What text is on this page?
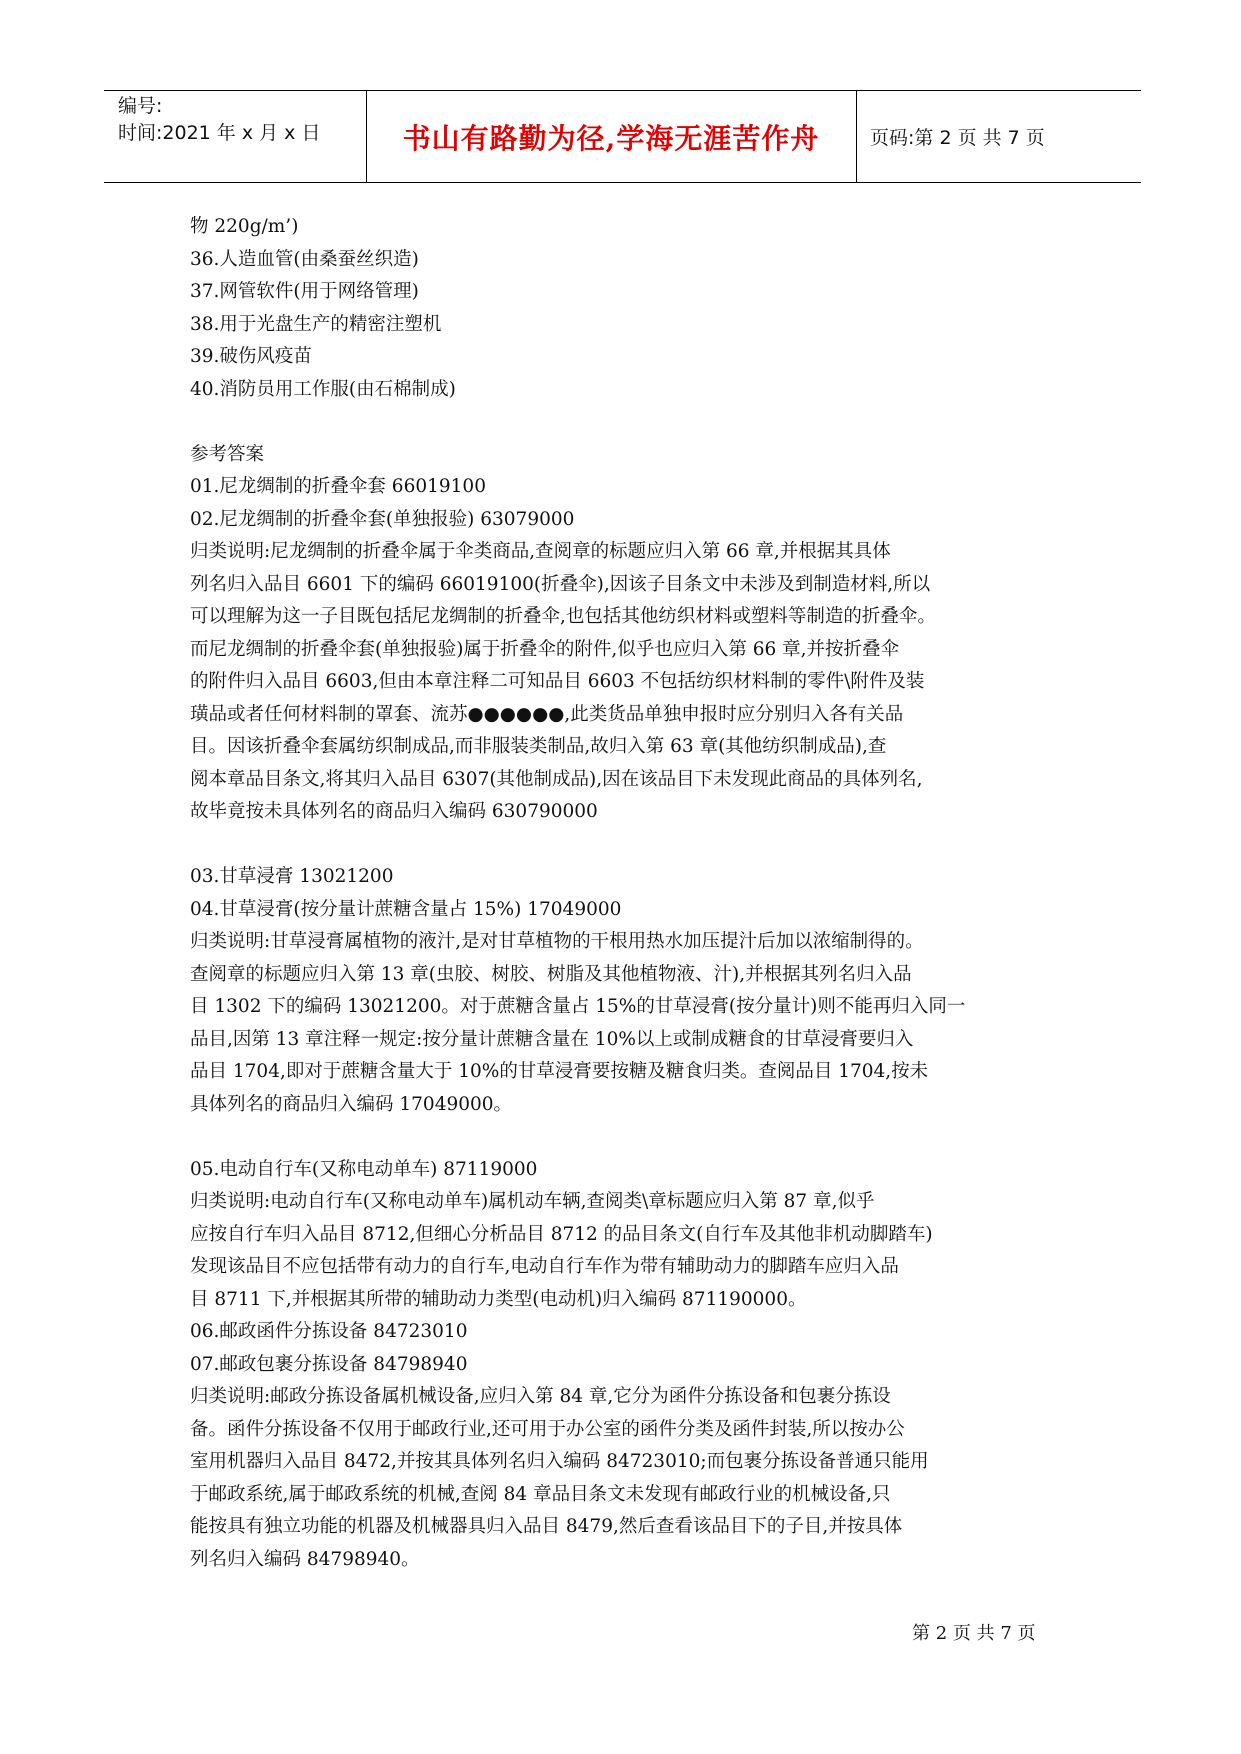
编号:
时间:2021 年 x 月 x 日	书山有路勤为径,学海无涯苦作舟	页码:第 2 页 共 7 页
物 220g/m’)
36.人造血管(由桑蚕丝织造)
37.网管软件(用于网络管理)
38.用于光盘生产的精密注塑机
39.破伤风疫苗
40.消防员用工作服(由石棉制成)
参考答案
01.尼龙绸制的折叠伞套 66019100
02.尼龙绸制的折叠伞套(单独报验) 63079000
归类说明:尼龙绸制的折叠伞属于伞类商品,查阅章的标题应归入第 66 章,并根据其具体
列名归入品目 6601 下的编码 66019100(折叠伞),因该子目条文中未涉及到制造材料,所以
可以理解为这一子目既包括尼龙绸制的折叠伞,也包括其他纺织材料或塑料等制造的折叠伞。
而尼龙绸制的折叠伞套(单独报验)属于折叠伞的附件,似乎也应归入第 66 章,并按折叠伞
的附件归入品目 6603,但由本章注释二可知品目 6603 不包括纺织材料制的零件\附件及装
璜品或者任何材料制的罩套、流苏●●●●●●,此类货品单独申报时应分别归入各有关品
目。因该折叠伞套属纺织制成品,而非服装类制品,故归入第 63 章(其他纺织制成品),查
阅本章品目条文,将其归入品目 6307(其他制成品),因在该品目下未发现此商品的具体列名,
故毕竟按未具体列名的商品归入编码 630790000
03.甘草浸膏 13021200
04.甘草浸膏(按分量计蔗糖含量占 15%) 17049000
归类说明:甘草浸膏属植物的液汁,是对甘草植物的干根用热水加压提汁后加以浓缩制得的。
查阅章的标题应归入第 13 章(虫胶、树胶、树脂及其他植物液、汁),并根据其列名归入品
目 1302 下的编码 13021200。对于蔗糖含量占 15%的甘草浸膏(按分量计)则不能再归入同一
品目,因第 13 章注释一规定:按分量计蔗糖含量在 10%以上或制成糖食的甘草浸膏要归入
品目 1704,即对于蔗糖含量大于 10%的甘草浸膏要按糖及糖食归类。查阅品目 1704,按未
具体列名的商品归入编码 17049000。
05.电动自行车(又称电动单车) 87119000
归类说明:电动自行车(又称电动单车)属机动车辆,查阅类\章标题应归入第 87 章,似乎
应按自行车归入品目 8712,但细心分析品目 8712 的品目条文(自行车及其他非机动脚踏车)
发现该品目不应包括带有动力的自行车,电动自行车作为带有辅助动力的脚踏车应归入品
目 8711 下,并根据其所带的辅助动力类型(电动机)归入编码 871190000。
06.邮政函件分拣设备 84723010
07.邮政包裹分拣设备 84798940
归类说明:邮政分拣设备属机械设备,应归入第 84 章,它分为函件分拣设备和包裹分拣设
备。函件分拣设备不仅用于邮政行业,还可用于办公室的函件分类及函件封装,所以按办公
室用机器归入品目 8472,并按其具体列名归入编码 84723010;而包裹分拣设备普通只能用
于邮政系统,属于邮政系统的机械,查阅 84 章品目条文未发现有邮政行业的机械设备,只
能按具有独立功能的机器及机械器具归入品目 8479,然后查看该品目下的子目,并按具体
列名归入编码 84798940。
第 2 页 共 7 页
